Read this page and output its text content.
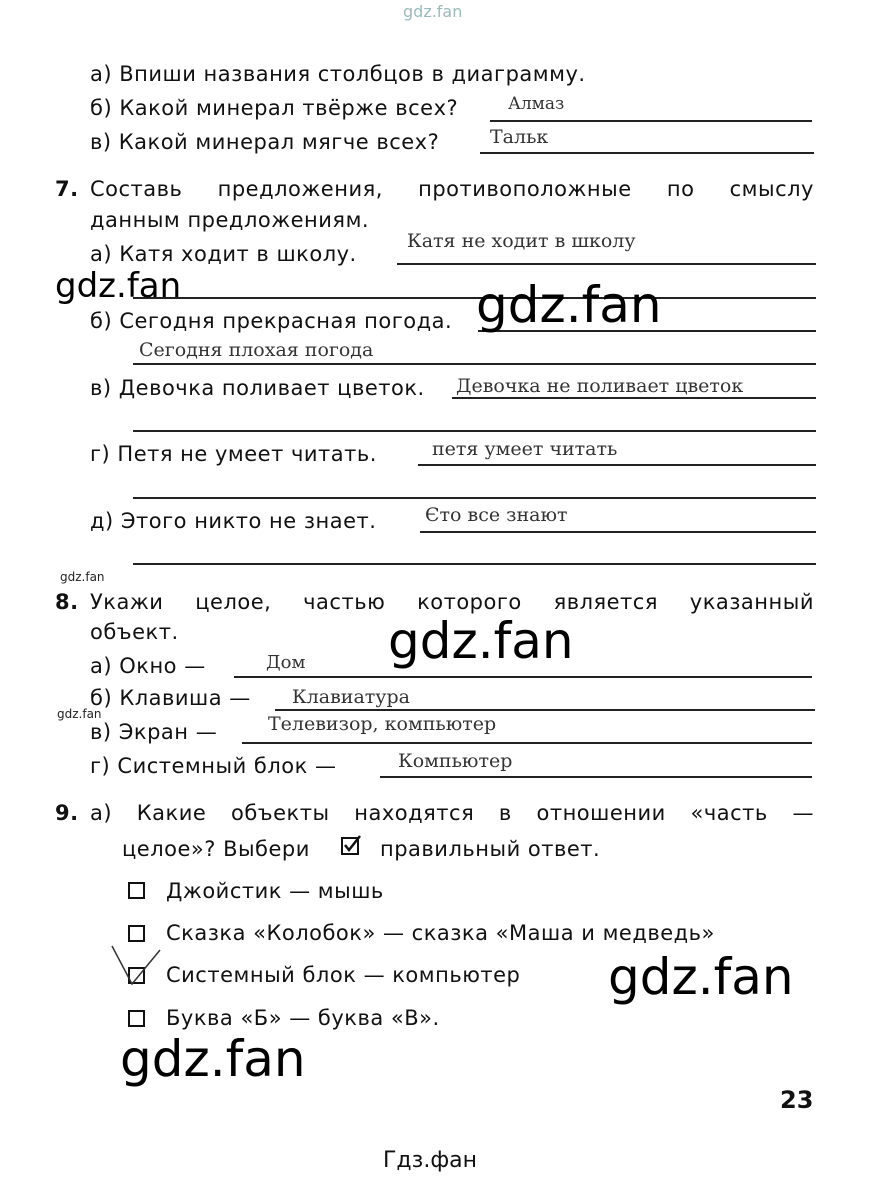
gdz.fan
а) Впиши названия столбцов в диаграмму.
б) Какой минерал твёрже всех?	Алмаз
в) Какой минерал мягче всех?	Тальк
7. Составь предложения, противоположные по смыслу
данным предложениям.
а) Катя ходит в школу.
Катя не ходит в школу
б) Сегодня прекрасная погода.
Сегодня плохая погода
в) Девочка поливает цветок. Девочка не поливает цветок
г) Петя не умеет читать.	петя умеет читать
д) Этого никто не знает.	Єто все знают
gdz.fan
8. Укажи целое, частью которого является указанный
объект.
а) Окно —	Дом
б) Клавиша — Клавиатура
gdz.fan
в) Экран —	Телевизор, компьютер
г) Системный блок —	Компьютер
9. а) Какие объекты находятся в отношении «часть —
целое»? Выбери	правильный ответ.
Джойстик — мышь
Сказка «Колобок» — сказка «Маша и медведь»
Системный блок — компьютер
Буква «Б» — буква «В».
gdz.fan	gdz.fan
gdz.fan
gdz.fan
gdz.fan
23
Гдз.фан
